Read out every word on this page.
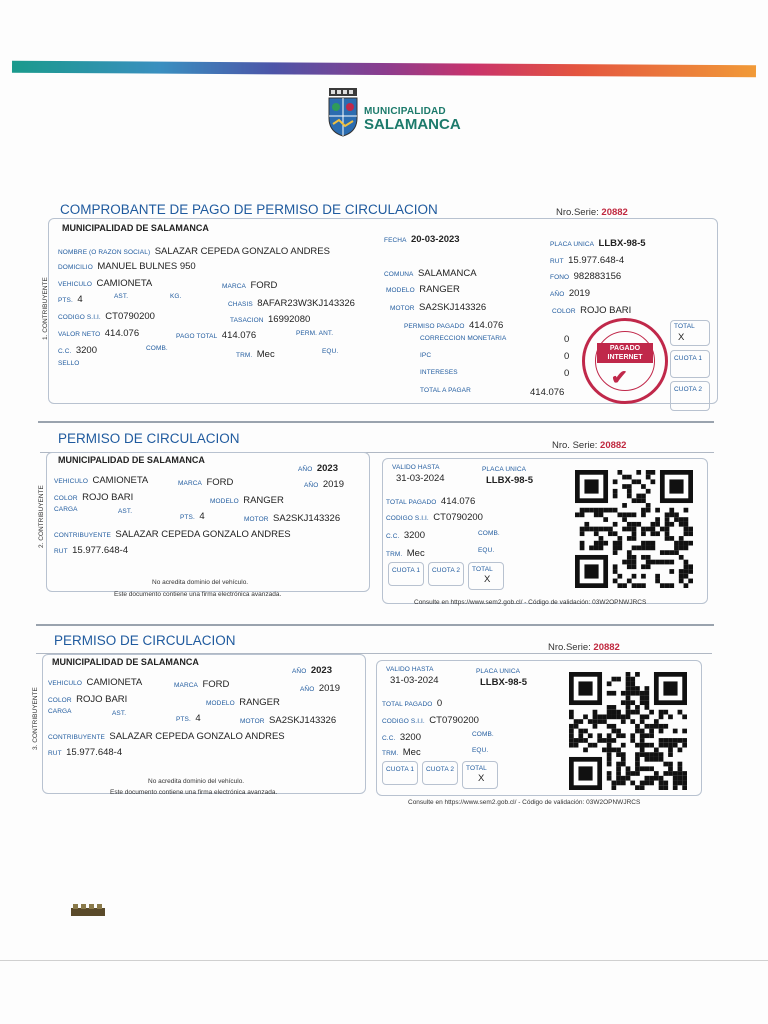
MUNICIPALIDAD
SALAMANCA
COMPROBANTE DE PAGO DE PERMISO DE CIRCULACION	Nro.Serie: 20882
1. CONTRIBUYENTE
MUNICIPALIDAD DE SALAMANCA
NOMBRE (O RAZON SOCIAL) SALAZAR CEPEDA GONZALO ANDRES
DOMICILIO MANUEL BULNES 950
VEHICULO CAMIONETA	MARCA FORD
PTS. 4	AST.	KG.
CHASIS 8AFAR23W3KJ143326
CODIGO S.I.I. CT0790200	TASACION 16992080
VALOR NETO 414.076	PAGO TOTAL 414.076	PERM. ANT.
C.C. 3200	COMB.
TRM. Mec	EQU.
SELLO
FECHA 20-03-2023
COMUNA SALAMANCA
MODELO RANGER
MOTOR SA2SKJ143326
PERMISO PAGADO 414.076
CORRECCION MONETARIA	0
IPC	0
INTERESES	0
TOTAL A PAGAR	414.076
PLACA UNICA LLBX-98-5
RUT 15.977.648-4
FONO 982883156
AÑO 2019
COLOR ROJO BARI
TOTAL
X
CUOTA 1
CUOTA 2
PAGADO
INTERNET
✔
PERMISO DE CIRCULACION	Nro. Serie: 20882
2. CONTRIBUYENTE
MUNICIPALIDAD DE SALAMANCA
AÑO 2023
VEHICULO CAMIONETA	MARCA FORD	AÑO 2019
COLOR ROJO BARI	MODELO RANGER
CARGA	AST.
PTS. 4	MOTOR SA2SKJ143326
CONTRIBUYENTE SALAZAR CEPEDA GONZALO ANDRES
RUT 15.977.648-4
No acredita dominio del vehículo.
Este documento contiene una firma electrónica avanzada.
VALIDO HASTA
31-03-2024
PLACA UNICA
LLBX-98-5
TOTAL PAGADO 414.076
CODIGO S.I.I. CT0790200
C.C. 3200	COMB.
TRM. Mec	EQU.
CUOTA 1 CUOTA 2 TOTAL
X
Consulte en https://www.sem2.gob.cl/ - Código de validación: 03W2OPNWJRCS
PERMISO DE CIRCULACION	Nro.Serie: 20882
3. CONTRIBUYENTE
MUNICIPALIDAD DE SALAMANCA
AÑO 2023
VEHICULO CAMIONETA	MARCA FORD	AÑO 2019
COLOR ROJO BARI	MODELO RANGER
CARGA	AST.
PTS. 4	MOTOR SA2SKJ143326
CONTRIBUYENTE SALAZAR CEPEDA GONZALO ANDRES
RUT 15.977.648-4
No acredita dominio del vehículo.
Este documento contiene una firma electrónica avanzada.
VALIDO HASTA
31-03-2024
PLACA UNICA
LLBX-98-5
TOTAL PAGADO 0
CODIGO S.I.I. CT0790200
C.C. 3200	COMB.
TRM. Mec	EQU.
CUOTA 1 CUOTA 2 TOTAL
X
Consulte en https://www.sem2.gob.cl/ - Código de validación: 03W2OPNWJRCS
